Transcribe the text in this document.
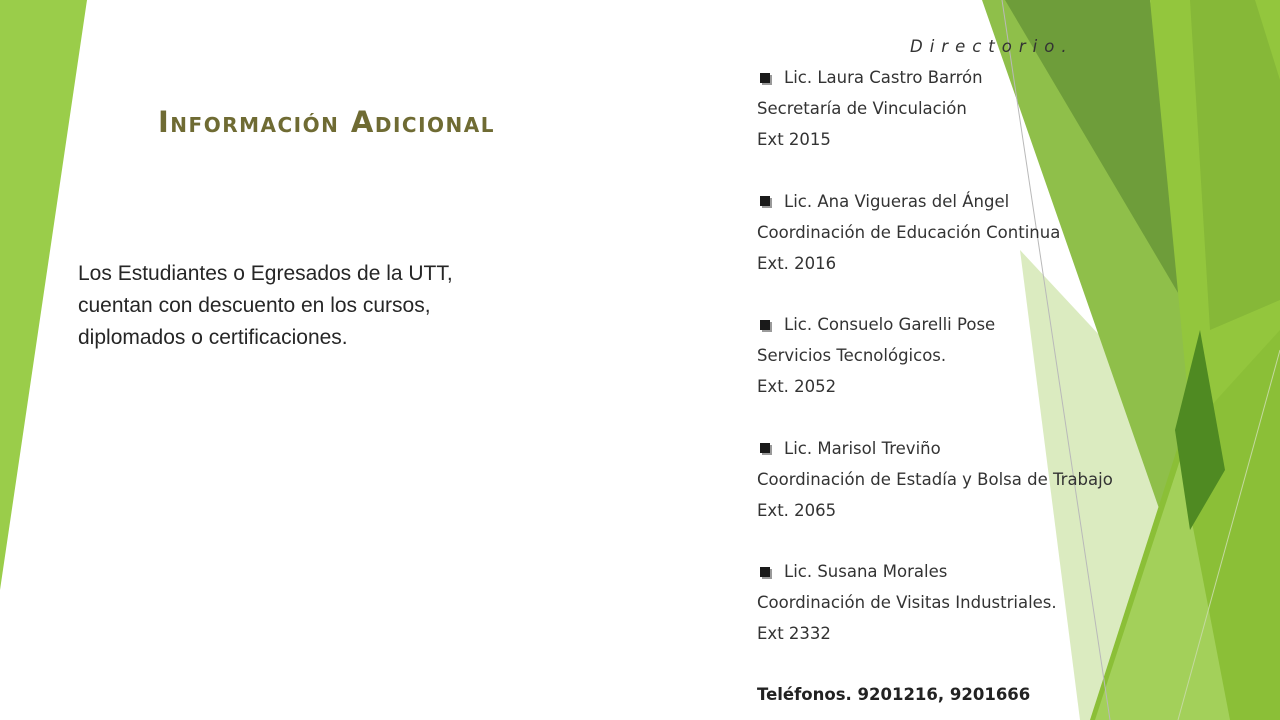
Información Adicional

Los Estudiantes o Egresados de la UTT, cuentan con descuento en los cursos, diplomados o certificaciones.

Directorio.
Lic. Laura Castro Barrón
Secretaría de Vinculación
Ext 2015
Lic. Ana Vigueras del Ángel
Coordinación de Educación Continua
Ext. 2016
Lic. Consuelo Garelli Pose
Servicios Tecnológicos.
Ext. 2052
Lic. Marisol Treviño
Coordinación de Estadía y Bolsa de Trabajo
Ext. 2065
Lic. Susana Morales
Coordinación de Visitas Industriales.
Ext 2332
Teléfonos. 9201216, 9201666
